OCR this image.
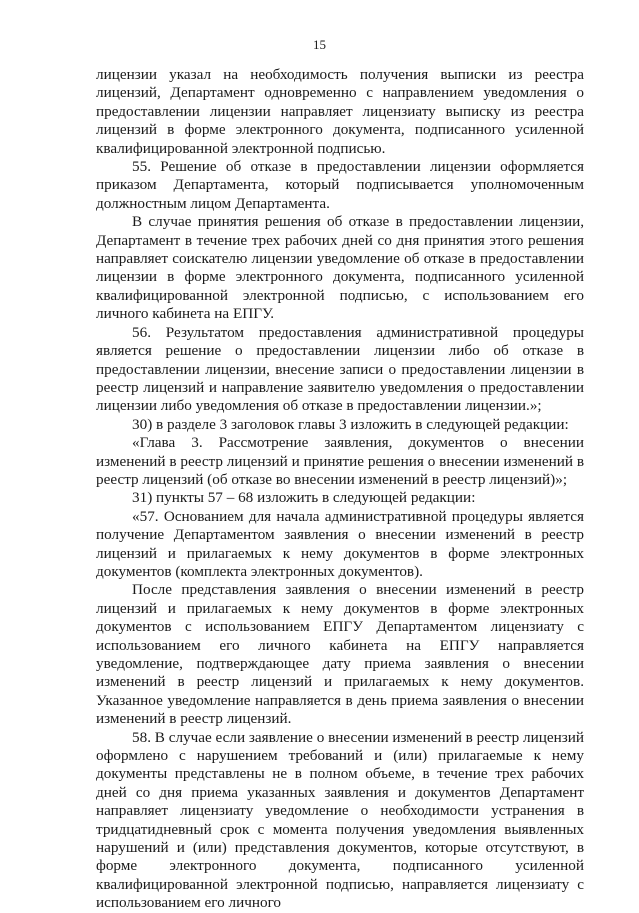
15

лицензии указал на необходимость получения выписки из реестра лицензий, Департамент одновременно с направлением уведомления о предоставлении лицензии направляет лицензиату выписку из реестра лицензий в форме электронного документа, подписанного усиленной квалифицированной электронной подписью.

55. Решение об отказе в предоставлении лицензии оформляется приказом Департамента, который подписывается уполномоченным должностным лицом Департамента.

В случае принятия решения об отказе в предоставлении лицензии, Департамент в течение трех рабочих дней со дня принятия этого решения направляет соискателю лицензии уведомление об отказе в предоставлении лицензии в форме электронного документа, подписанного усиленной квалифицированной электронной подписью, с использованием его личного кабинета на ЕПГУ.

56. Результатом предоставления административной процедуры является решение о предоставлении лицензии либо об отказе в предоставлении лицензии, внесение записи о предоставлении лицензии в реестр лицензий и направление заявителю уведомления о предоставлении лицензии либо уведомления об отказе в предоставлении лицензии.»;

30) в разделе 3 заголовок главы 3 изложить в следующей редакции:

«Глава 3. Рассмотрение заявления, документов о внесении изменений в реестр лицензий и принятие решения о внесении изменений в реестр лицензий (об отказе во внесении изменений в реестр лицензий)»;

31) пункты 57 – 68 изложить в следующей редакции:

«57. Основанием для начала административной процедуры является получение Департаментом заявления о внесении изменений в реестр лицензий и прилагаемых к нему документов в форме электронных документов (комплекта электронных документов).

После представления заявления о внесении изменений в реестр лицензий и прилагаемых к нему документов в форме электронных документов с использованием ЕПГУ Департаментом лицензиату с использованием его личного кабинета на ЕПГУ направляется уведомление, подтверждающее дату приема заявления о внесении изменений в реестр лицензий и прилагаемых к нему документов. Указанное уведомление направляется в день приема заявления о внесении изменений в реестр лицензий.

58. В случае если заявление о внесении изменений в реестр лицензий оформлено с нарушением требований и (или) прилагаемые к нему документы представлены не в полном объеме, в течение трех рабочих дней со дня приема указанных заявления и документов Департамент направляет лицензиату уведомление о необходимости устранения в тридцатидневный срок с момента получения уведомления выявленных нарушений и (или) представления документов, которые отсутствуют, в форме электронного документа, подписанного усиленной квалифицированной электронной подписью, направляется лицензиату с использованием его личного
